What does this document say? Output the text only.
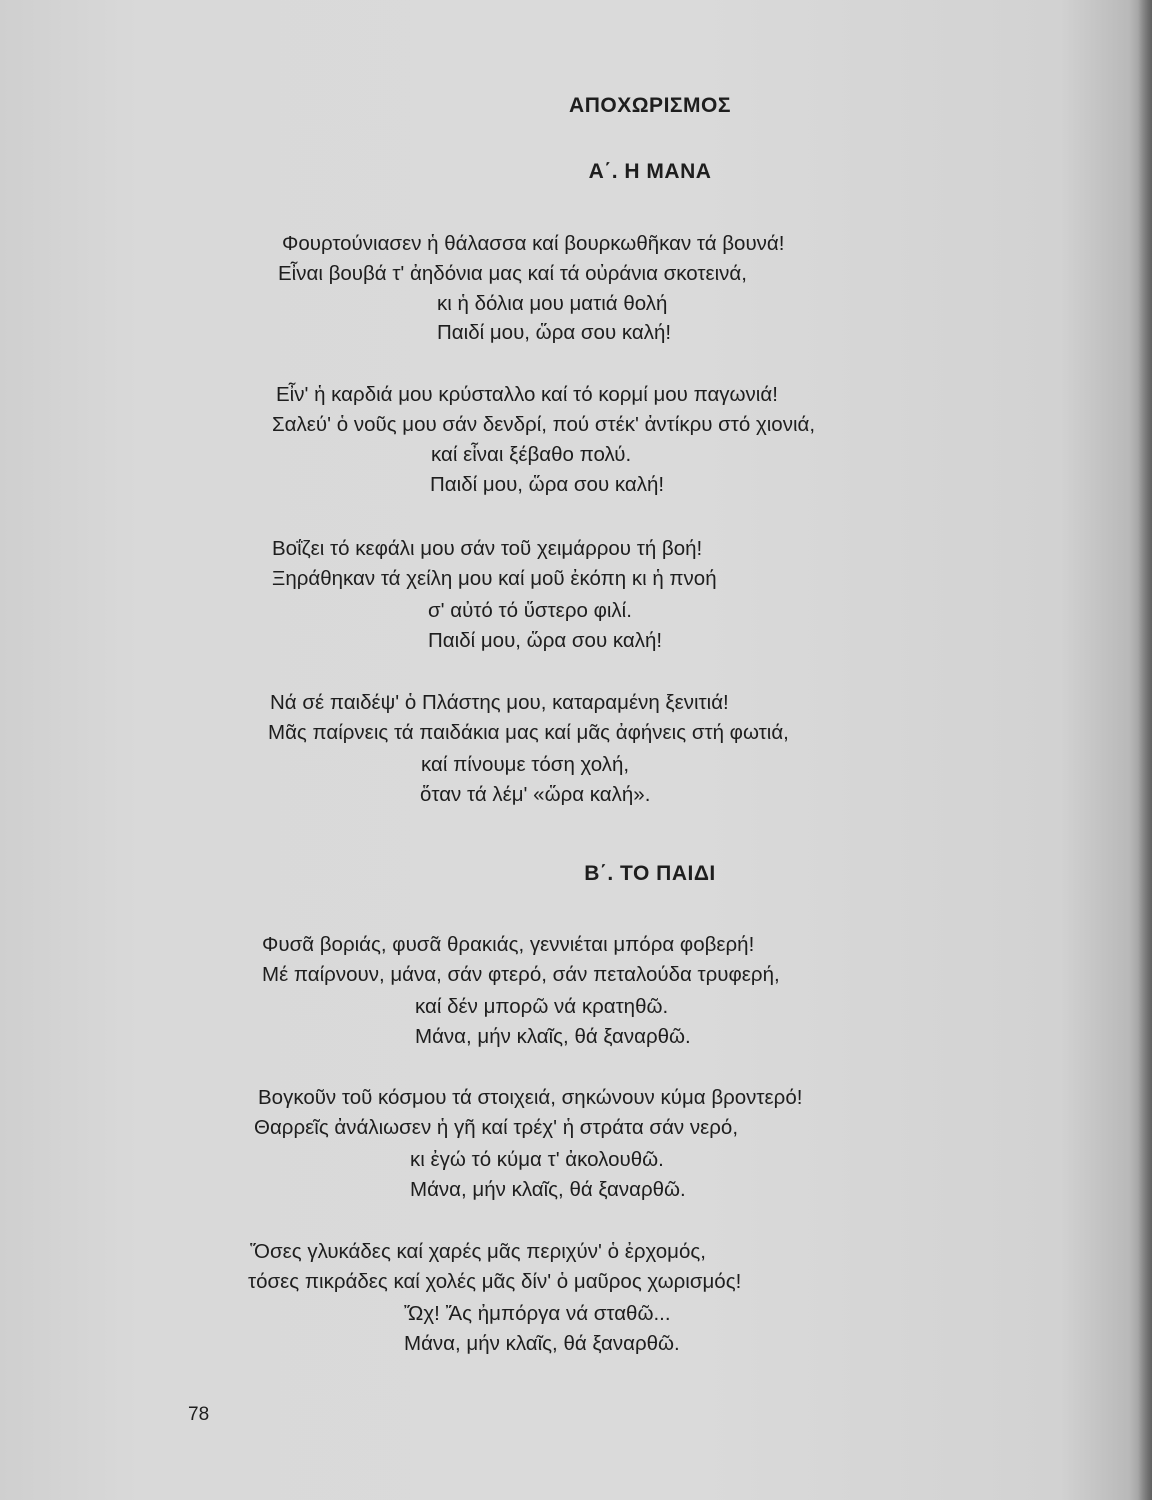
ΑΠΟΧΩΡΙΣΜΟΣ
Α΄. Η ΜΑΝΑ
Φουρτούνιασεν ἡ θάλασσα καί βουρκωθῆκαν τά βουνά!
Εἶναι βουβά τ' ἀηδόνια μας καί τά οὐράνια σκοτεινά,
κι ἡ δόλια μου ματιά θολή
Παιδί μου, ὥρα σου καλή!
Εἶν' ἡ καρδιά μου κρύσταλλο καί τό κορμί μου παγωνιά!
Σαλεύ' ὁ νοῦς μου σάν δενδρί, πού στέκ' ἀντίκρυ στό χιονιά,
καί εἶναι ξέβαθο πολύ.
Παιδί μου, ὥρα σου καλή!
Βοΐζει τό κεφάλι μου σάν τοῦ χειμάρρου τή βοή!
Ξηράθηκαν τά χείλη μου καί μοῦ ἐκόπη κι ἡ πνοή
σ' αὐτό τό ὕστερο φιλί.
Παιδί μου, ὥρα σου καλή!
Νά σέ παιδέψ' ὁ Πλάστης μου, καταραμένη ξενιτιά!
Μᾶς παίρνεις τά παιδάκια μας καί μᾶς ἀφήνεις στή φωτιά,
καί πίνουμε τόση χολή,
ὅταν τά λέμ' «ὥρα καλή».
Β΄. ΤΟ ΠΑΙΔΙ
Φυσᾶ βοριάς, φυσᾶ θρακιάς, γεννιέται μπόρα φοβερή!
Μέ παίρνουν, μάνα, σάν φτερό, σάν πεταλούδα τρυφερή,
καί δέν μπορῶ νά κρατηθῶ.
Μάνα, μήν κλαῖς, θά ξαναρθῶ.
Βογκοῦν τοῦ κόσμου τά στοιχειά, σηκώνουν κύμα βροντερό!
Θαρρεῖς ἀνάλιωσεν ἡ γῆ καί τρέχ' ἡ στράτα σάν νερό,
κι ἐγώ τό κύμα τ' ἀκολουθῶ.
Μάνα, μήν κλαῖς, θά ξαναρθῶ.
Ὅσες γλυκάδες καί χαρές μᾶς περιχύν' ὁ ἐρχομός,
τόσες πικράδες καί χολές μᾶς δίν' ὁ μαῦρος χωρισμός!
Ὤχ! Ἄς ἠμπόργα νά σταθῶ...
Μάνα, μήν κλαῖς, θά ξαναρθῶ.
78
